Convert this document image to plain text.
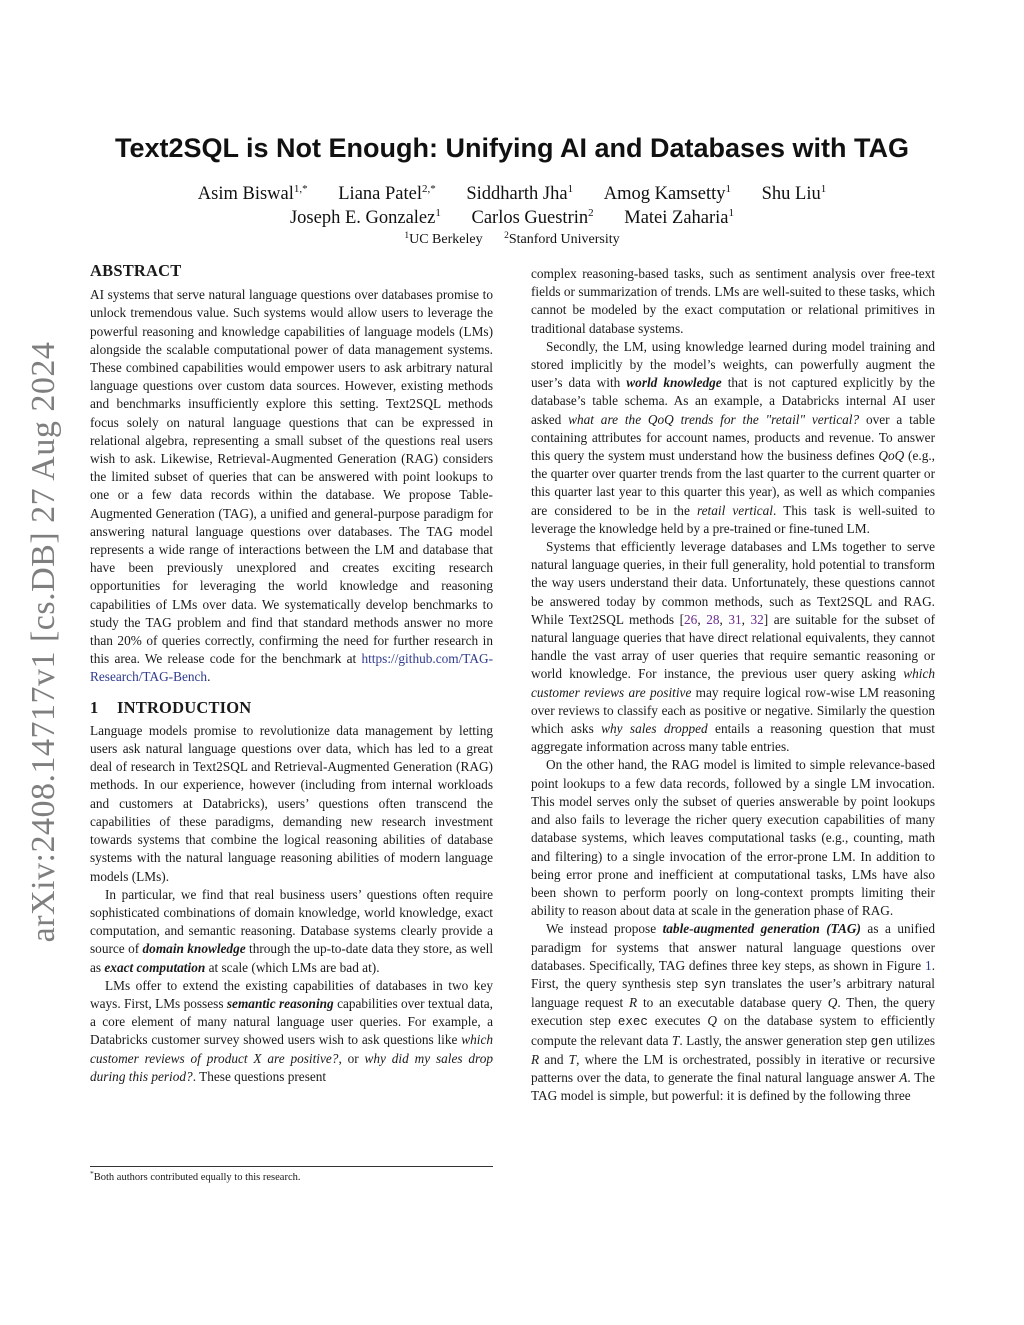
arXiv:2408.14717v1 [cs.DB] 27 Aug 2024
Text2SQL is Not Enough: Unifying AI and Databases with TAG
Asim Biswal$^{1,*}$ Liana Patel$^{2,*}$ Siddharth Jha$^1$ Amog Kamsetty$^1$ Shu Liu$^1$
Joseph E. Gonzalez$^1$ Carlos Guestrin$^2$ Matei Zaharia$^1$
$^1$UC Berkeley $^2$Stanford University
ABSTRACT

AI systems that serve natural language questions over databases promise to unlock tremendous value. Such systems would allow users to leverage the powerful reasoning and knowledge capabilities of language models (LMs) alongside the scalable computational power of data management systems. These combined capabilities would empower users to ask arbitrary natural language questions over custom data sources. However, existing methods and benchmarks insufficiently explore this setting. Text2SQL methods focus solely on natural language questions that can be expressed in relational algebra, representing a small subset of the questions real users wish to ask. Likewise, Retrieval-Augmented Generation (RAG) considers the limited subset of queries that can be answered with point lookups to one or a few data records within the database. We propose Table-Augmented Generation (TAG), a unified and general-purpose paradigm for answering natural language questions over databases. The TAG model represents a wide range of interactions between the LM and database that have been previously unexplored and creates exciting research opportunities for leveraging the world knowledge and reasoning capabilities of LMs over data. We systematically develop benchmarks to study the TAG problem and find that standard methods answer no more than 20% of queries correctly, confirming the need for further research in this area. We release code for the benchmark at https://github.com/TAG-Research/TAG-Bench.

1 INTRODUCTION

Language models promise to revolutionize data management by letting users ask natural language questions over data, which has led to a great deal of research in Text2SQL and Retrieval-Augmented Generation (RAG) methods. In our experience, however (including from internal workloads and customers at Databricks), users’ questions often transcend the capabilities of these paradigms, demanding new research investment towards systems that combine the logical reasoning abilities of database systems with the natural language reasoning abilities of modern language models (LMs).

In particular, we find that real business users’ questions often require sophisticated combinations of domain knowledge, world knowledge, exact computation, and semantic reasoning. Database systems clearly provide a source of domain knowledge through the up-to-date data they store, as well as exact computation at scale (which LMs are bad at).

LMs offer to extend the existing capabilities of databases in two key ways. First, LMs possess semantic reasoning capabilities over textual data, a core element of many natural language user queries. For example, a Databricks customer survey showed users wish to ask questions like which customer reviews of product X are positive?, or why did my sales drop during this period?. These questions present

*Both authors contributed equally to this research.

complex reasoning-based tasks, such as sentiment analysis over free-text fields or summarization of trends. LMs are well-suited to these tasks, which cannot be modeled by the exact computation or relational primitives in traditional database systems.

Secondly, the LM, using knowledge learned during model training and stored implicitly by the model’s weights, can powerfully augment the user’s data with world knowledge that is not captured explicitly by the database’s table schema. As an example, a Databricks internal AI user asked what are the QoQ trends for the "retail" vertical? over a table containing attributes for account names, products and revenue. To answer this query the system must understand how the business defines QoQ (e.g., the quarter over quarter trends from the last quarter to the current quarter or this quarter last year to this quarter this year), as well as which companies are considered to be in the retail vertical. This task is well-suited to leverage the knowledge held by a pre-trained or fine-tuned LM.

Systems that efficiently leverage databases and LMs together to serve natural language queries, in their full generality, hold potential to transform the way users understand their data. Unfortunately, these questions cannot be answered today by common methods, such as Text2SQL and RAG. While Text2SQL methods [26, 28, 31, 32] are suitable for the subset of natural language queries that have direct relational equivalents, they cannot handle the vast array of user queries that require semantic reasoning or world knowledge. For instance, the previous user query asking which customer reviews are positive may require logical row-wise LM reasoning over reviews to classify each as positive or negative. Similarly the question which asks why sales dropped entails a reasoning question that must aggregate information across many table entries.

On the other hand, the RAG model is limited to simple relevance-based point lookups to a few data records, followed by a single LM invocation. This model serves only the subset of queries answerable by point lookups and also fails to leverage the richer query execution capabilities of many database systems, which leaves computational tasks (e.g., counting, math and filtering) to a single invocation of the error-prone LM. In addition to being error prone and inefficient at computational tasks, LMs have also been shown to perform poorly on long-context prompts limiting their ability to reason about data at scale in the generation phase of RAG.

We instead propose table-augmented generation (TAG) as a unified paradigm for systems that answer natural language questions over databases. Specifically, TAG defines three key steps, as shown in Figure 1. First, the query synthesis step syn translates the user’s arbitrary natural language request R to an executable database query Q. Then, the query execution step exec executes Q on the database system to efficiently compute the relevant data T. Lastly, the answer generation step gen utilizes R and T, where the LM is orchestrated, possibly in iterative or recursive patterns over the data, to generate the final natural language answer A. The TAG model is simple, but powerful: it is defined by the following three
